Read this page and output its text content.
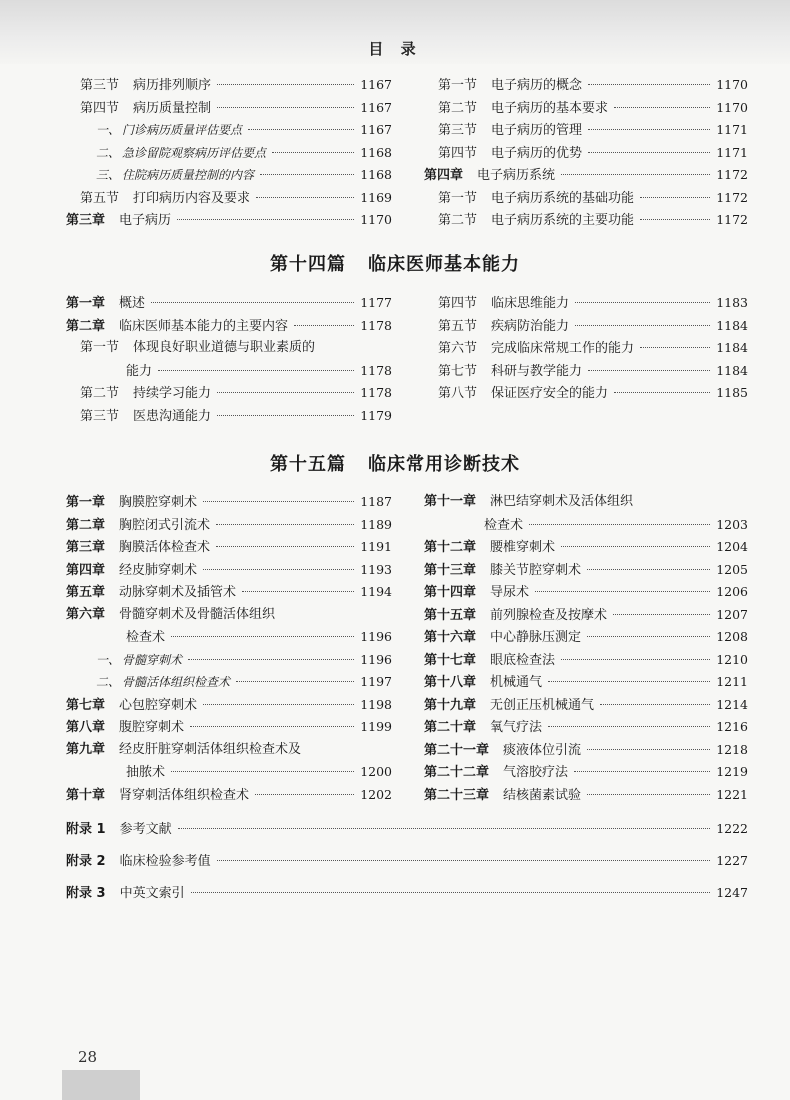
目 录
第三节 病历排列顺序	1167
第四节 病历质量控制	1167
一、 门诊病历质量评估要点	1167
二、 急诊留院观察病历评估要点	1168
三、 住院病历质量控制的内容	1168
第五节 打印病历内容及要求	1169
第三章 电子病历	1170
第一节 电子病历的概念	1170
第二节 电子病历的基本要求	1170
第三节 电子病历的管理	1171
第四节 电子病历的优势	1171
第四章 电子病历系统	1172
第一节 电子病历系统的基础功能	1172
第二节 电子病历系统的主要功能	1172
第一章 概述	1177
第二章 临床医师基本能力的主要内容	1178
第一节 体现良好职业道德与职业素质的
能力	1178
第二节 持续学习能力	1178
第三节 医患沟通能力	1179
第四节 临床思维能力	1183
第五节 疾病防治能力	1184
第六节 完成临床常规工作的能力	1184
第七节 科研与教学能力	1184
第八节 保证医疗安全的能力	1185
第一章 胸膜腔穿刺术	1187
第二章 胸腔闭式引流术	1189
第三章 胸膜活体检查术	1191
第四章 经皮肺穿刺术	1193
第五章 动脉穿刺术及插管术	1194
第六章 骨髓穿刺术及骨髓活体组织
检查术	1196
一、 骨髓穿刺术	1196
二、 骨髓活体组织检查术	1197
第七章 心包腔穿刺术	1198
第八章 腹腔穿刺术	1199
第九章 经皮肝脏穿刺活体组织检查术及
抽脓术	1200
第十章 肾穿刺活体组织检查术	1202
第十一章 淋巴结穿刺术及活体组织
检查术	1203
第十二章 腰椎穿刺术	1204
第十三章 膝关节腔穿刺术	1205
第十四章 导尿术	1206
第十五章 前列腺检查及按摩术	1207
第十六章 中心静脉压测定	1208
第十七章 眼底检查法	1210
第十八章 机械通气	1211
第十九章 无创正压机械通气	1214
第二十章 氧气疗法	1216
第二十一章 痰液体位引流	1218
第二十二章 气溶胶疗法	1219
第二十三章 结核菌素试验	1221
附录 1 参考文献	1222
附录 2 临床检验参考值	1227
附录 3 中英文索引	1247
第十四篇 临床医师基本能力
第十五篇 临床常用诊断技术
28
